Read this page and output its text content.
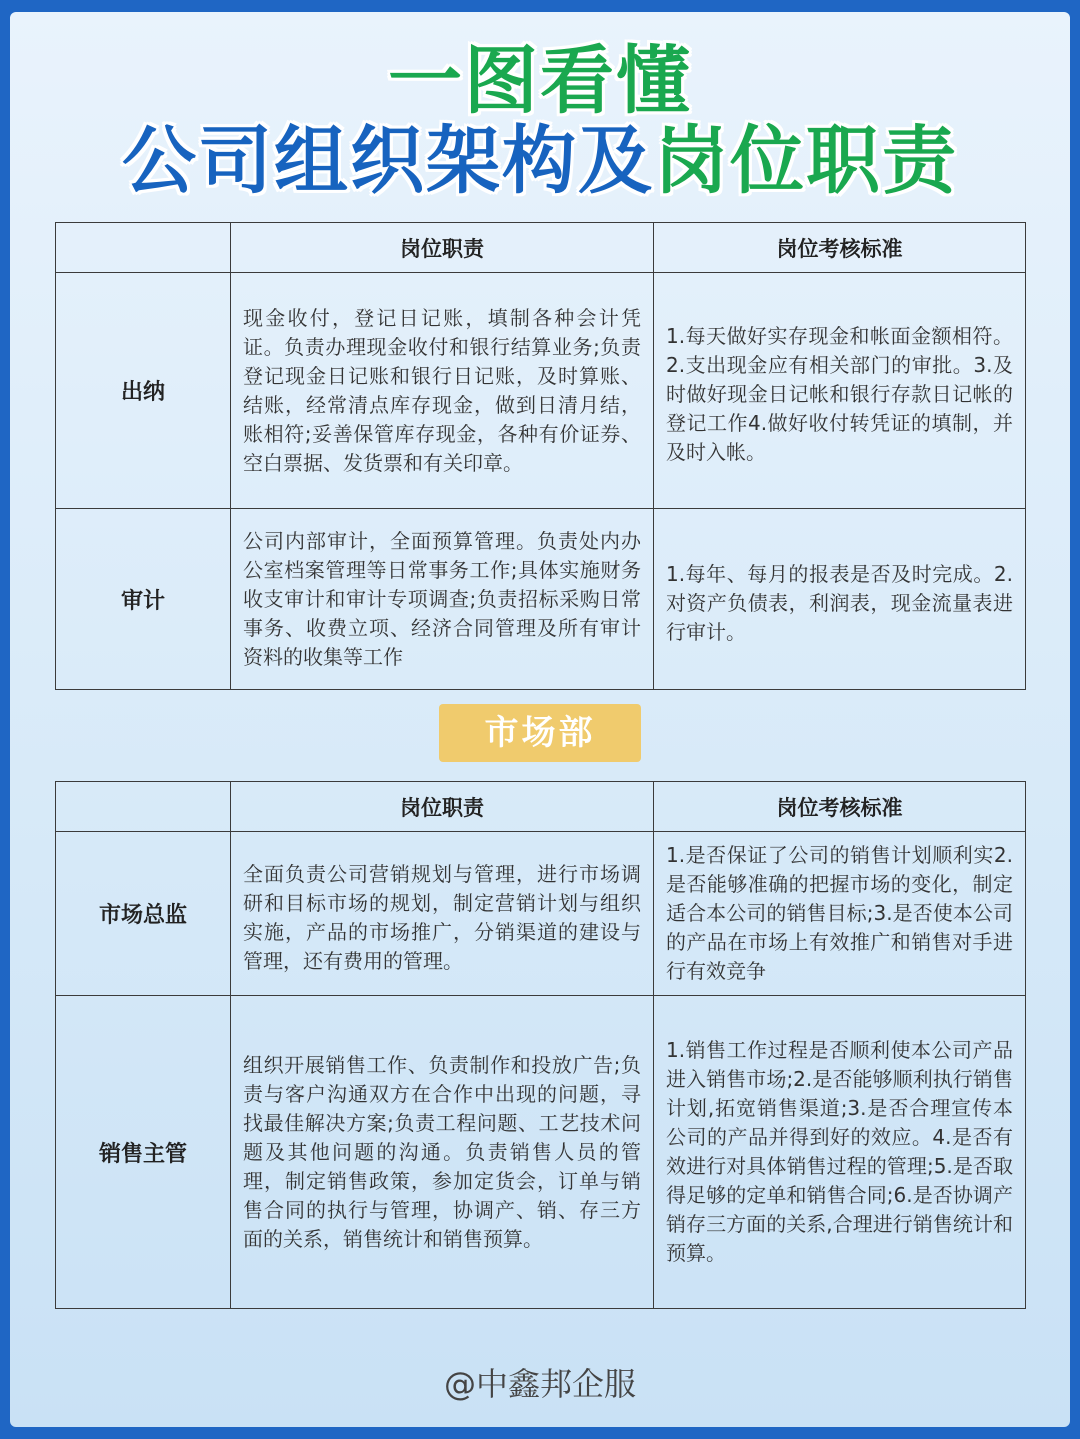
一图看懂
公司组织架构及岗位职责
	岗位职责	岗位考核标准
出纳	现金收付，登记日记账，填制各种会计凭证。负责办理现金收付和银行结算业务;负责登记现金日记账和银行日记账，及时算账、结账，经常清点库存现金，做到日清月结，账相符;妥善保管库存现金，各种有价证券、空白票据、发货票和有关印章。	1.每天做好实存现金和帐面金额相符。2.支出现金应有相关部门的审批。3.及时做好现金日记帐和银行存款日记帐的登记工作4.做好收付转凭证的填制，并及时入帐。
审计	公司内部审计，全面预算管理。负责处内办公室档案管理等日常事务工作;具体实施财务收支审计和审计专项调查;负责招标采购日常事务、收费立项、经济合同管理及所有审计资料的收集等工作	1.每年、每月的报表是否及时完成。2.对资产负债表，利润表，现金流量表进行审计。
市场部
	岗位职责	岗位考核标准
市场总监	全面负责公司营销规划与管理，进行市场调研和目标市场的规划，制定营销计划与组织实施，产品的市场推广，分销渠道的建设与管理，还有费用的管理。	1.是否保证了公司的销售计划顺利实2.是否能够准确的把握市场的变化，制定适合本公司的销售目标;3.是否使本公司的产品在市场上有效推广和销售对手进行有效竞争
销售主管	组织开展销售工作、负责制作和投放广告;负责与客户沟通双方在合作中出现的问题，寻找最佳解决方案;负责工程问题、工艺技术问题及其他问题的沟通。负责销售人员的管理，制定销售政策，参加定货会，订单与销售合同的执行与管理，协调产、销、存三方面的关系，销售统计和销售预算。	1.销售工作过程是否顺利使本公司产品进入销售市场;2.是否能够顺利执行销售计划,拓宽销售渠道;3.是否合理宣传本公司的产品并得到好的效应。4.是否有效进行对具体销售过程的管理;5.是否取得足够的定单和销售合同;6.是否协调产销存三方面的关系,合理进行销售统计和预算。
@中鑫邦企服
